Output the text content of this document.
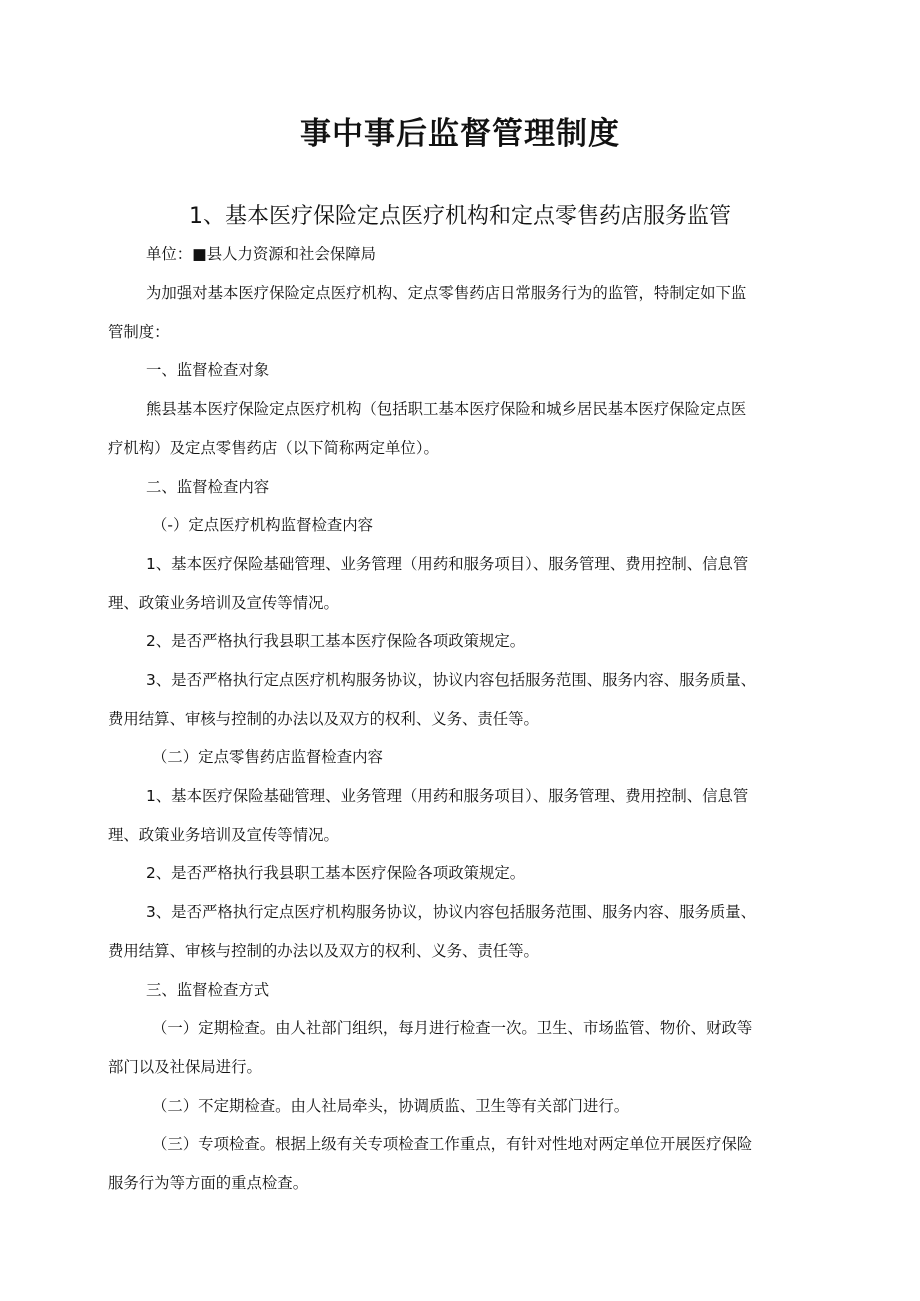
事中事后监督管理制度
1、基本医疗保险定点医疗机构和定点零售药店服务监管
单位：■县人力资源和社会保障局
为加强对基本医疗保险定点医疗机构、定点零售药店日常服务行为的监管，特制定如下监
管制度：
一、监督检查对象
熊县基本医疗保险定点医疗机构（包括职工基本医疗保险和城乡居民基本医疗保险定点医
疗机构）及定点零售药店（以下简称两定单位）。
二、监督检查内容
（-）定点医疗机构监督检查内容
1、基本医疗保险基础管理、业务管理（用药和服务项目）、服务管理、费用控制、信息管
理、政策业务培训及宣传等情况。
2、是否严格执行我县职工基本医疗保险各项政策规定。
3、是否严格执行定点医疗机构服务协议，协议内容包括服务范围、服务内容、服务质量、
费用结算、审核与控制的办法以及双方的权利、义务、责任等。
（二）定点零售药店监督检查内容
1、基本医疗保险基础管理、业务管理（用药和服务项目）、服务管理、费用控制、信息管
理、政策业务培训及宣传等情况。
2、是否严格执行我县职工基本医疗保险各项政策规定。
3、是否严格执行定点医疗机构服务协议，协议内容包括服务范围、服务内容、服务质量、
费用结算、审核与控制的办法以及双方的权利、义务、责任等。
三、监督检查方式
（一）定期检查。由人社部门组织，每月进行检查一次。卫生、市场监管、物价、财政等
部门以及社保局进行。
（二）不定期检查。由人社局牵头，协调质监、卫生等有关部门进行。
（三）专项检查。根据上级有关专项检查工作重点，有针对性地对两定单位开展医疗保险
服务行为等方面的重点检查。
